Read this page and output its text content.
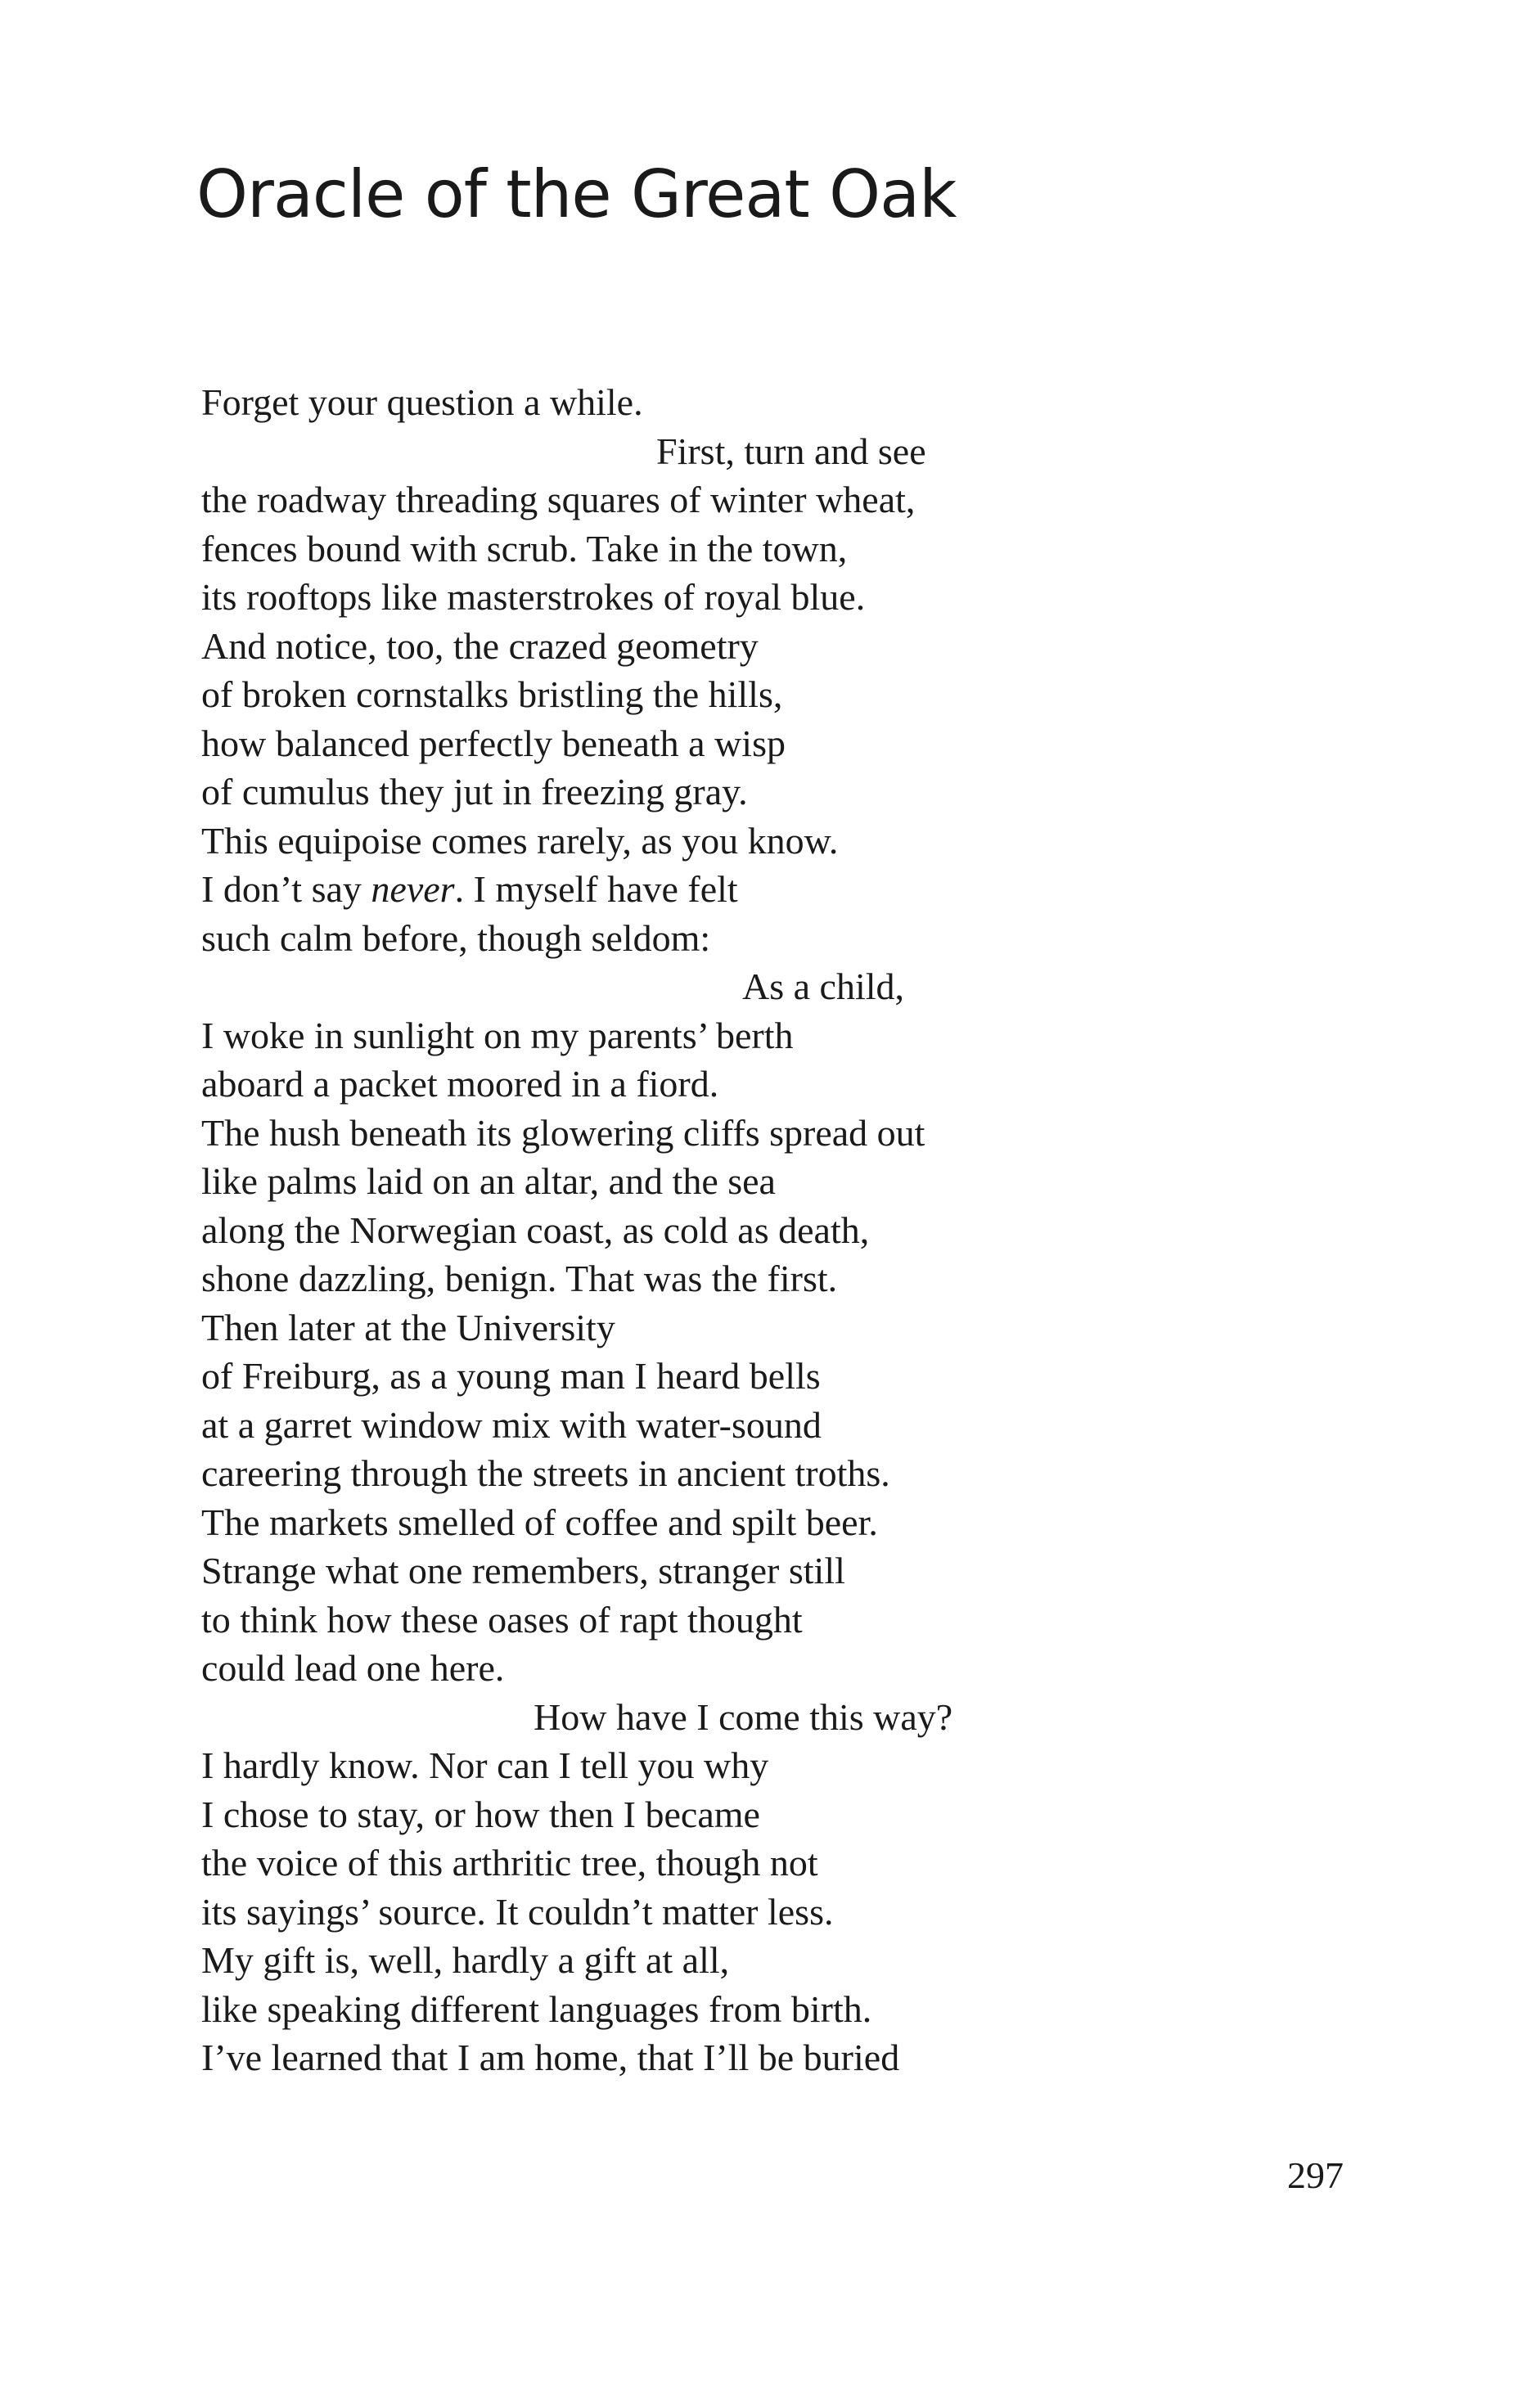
Oracle of the Great Oak
Forget your question a while.
First, turn and see
the roadway threading squares of winter wheat,
fences bound with scrub. Take in the town,
its rooftops like masterstrokes of royal blue.
And notice, too, the crazed geometry
of broken cornstalks bristling the hills,
how balanced perfectly beneath a wisp
of cumulus they jut in freezing gray.
This equipoise comes rarely, as you know.
I don’t say never. I myself have felt
such calm before, though seldom:
As a child,
I woke in sunlight on my parents’ berth
aboard a packet moored in a fiord.
The hush beneath its glowering cliffs spread out
like palms laid on an altar, and the sea
along the Norwegian coast, as cold as death,
shone dazzling, benign. That was the first.
Then later at the University
of Freiburg, as a young man I heard bells
at a garret window mix with water-sound
careering through the streets in ancient troths.
The markets smelled of coffee and spilt beer.
Strange what one remembers, stranger still
to think how these oases of rapt thought
could lead one here.
How have I come this way?
I hardly know. Nor can I tell you why
I chose to stay, or how then I became
the voice of this arthritic tree, though not
its sayings’ source. It couldn’t matter less.
My gift is, well, hardly a gift at all,
like speaking different languages from birth.
I’ve learned that I am home, that I’ll be buried
297
